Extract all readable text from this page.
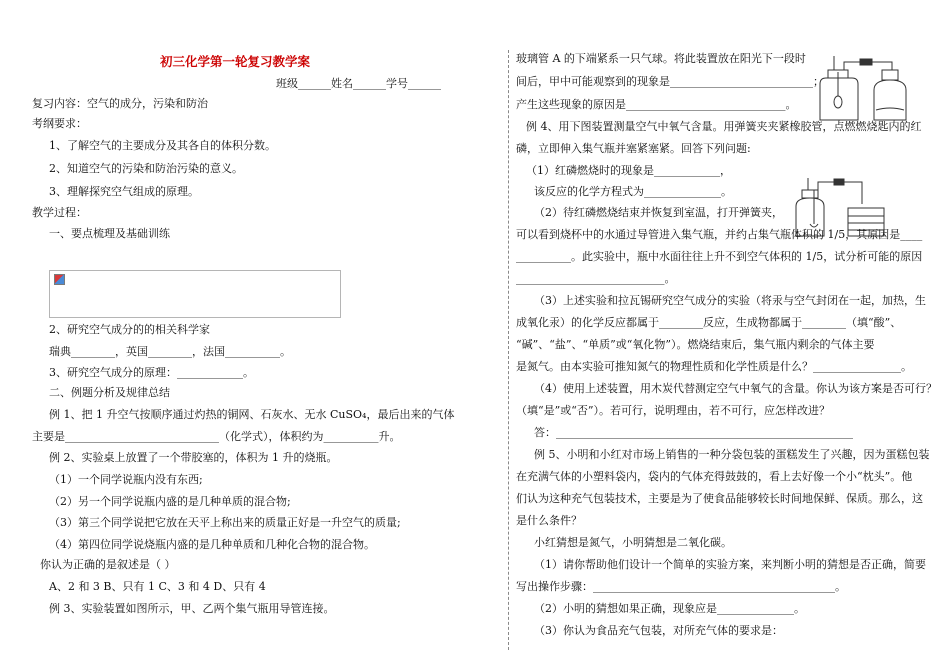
初三化学第一轮复习教学案

班级______姓名______学号______

复习内容：空气的成分，污染和防治

考纲要求：

1、了解空气的主要成分及其各自的体积分数。

2、知道空气的污染和防治污染的意义。

3、理解探究空气组成的原理。

教学过程：

一、要点梳理及基础训练

2、研究空气成分的的相关科学家

瑞典________，英国________，法国__________。

3、研究空气成分的原理：____________。

二、例题分析及规律总结

例 1、把 1 升空气按顺序通过灼热的铜网、石灰水、无水 CuSO₄，最后出来的气体

主要是____________________________（化学式），体积约为__________升。

例 2、实验桌上放置了一个带胶塞的，体积为 1 升的烧瓶。

（1）一个同学说瓶内没有东西;

（2）另一个同学说瓶内盛的是几种单质的混合物;

（3）第三个同学说把它放在天平上称出来的质量正好是一升空气的质量;

（4）第四位同学说烧瓶内盛的是几种单质和几种化合物的混合物。

你认为正确的是叙述是（ ）

A、2 和 3 B、只有 1 C、3 和 4 D、只有 4

例 3、实验装置如图所示，甲、乙两个集气瓶用导管连接。

玻璃管 A 的下端紧系一只气球。将此装置放在阳光下一段时

间后，甲中可能观察到的现象是__________________________；

产生这些现象的原因是_____________________________。

例 4、用下图装置测量空气中氧气含量。用弹簧夹夹紧橡胶管，点燃燃烧匙内的红

磷，立即伸入集气瓶并塞紧塞紧。回答下列问题:

（1）红磷燃烧时的现象是____________，

该反应的化学方程式为______________。

（2）待红磷燃烧结束并恢复到室温，打开弹簧夹，

可以看到烧杯中的水通过导管进入集气瓶，并约占集气瓶体积的 1/5，其原因是____

__________。此实验中，瓶中水面往往上升不到空气体积的 1/5，试分析可能的原因

___________________________。

（3）上述实验和拉瓦锡研究空气成分的实验（将汞与空气封闭在一起，加热，生

成氧化汞）的化学反应都属于________反应，生成物都属于________（填“酸”、

“碱”、“盐”、“单质”或“氧化物”）。燃烧结束后，集气瓶内剩余的气体主要

是氮气。由本实验可推知氮气的物理性质和化学性质是什么？________________。

（4）使用上述装置，用木炭代替测定空气中氧气的含量。你认为该方案是否可行？

（填“是”或“否”）。若可行，说明理由，若不可行，应怎样改进？

答：______________________________________________________

例 5、小明和小红对市场上销售的一种分袋包装的蛋糕发生了兴趣，因为蛋糕包装

在充满气体的小塑料袋内，袋内的气体充得鼓鼓的，看上去好像一个小“枕头”。他

们认为这种充气包装技术，主要是为了使食品能够较长时间地保鲜、保质。那么，这

是什么条件？

小红猜想是氮气，小明猜想是二氧化碳。

（1）请你帮助他们设计一个简单的实验方案，来判断小明的猜想是否正确，简要

写出操作步骤：____________________________________________。

（2）小明的猜想如果正确，现象应是______________。

（3）你认为食品充气包装，对所充气体的要求是：
